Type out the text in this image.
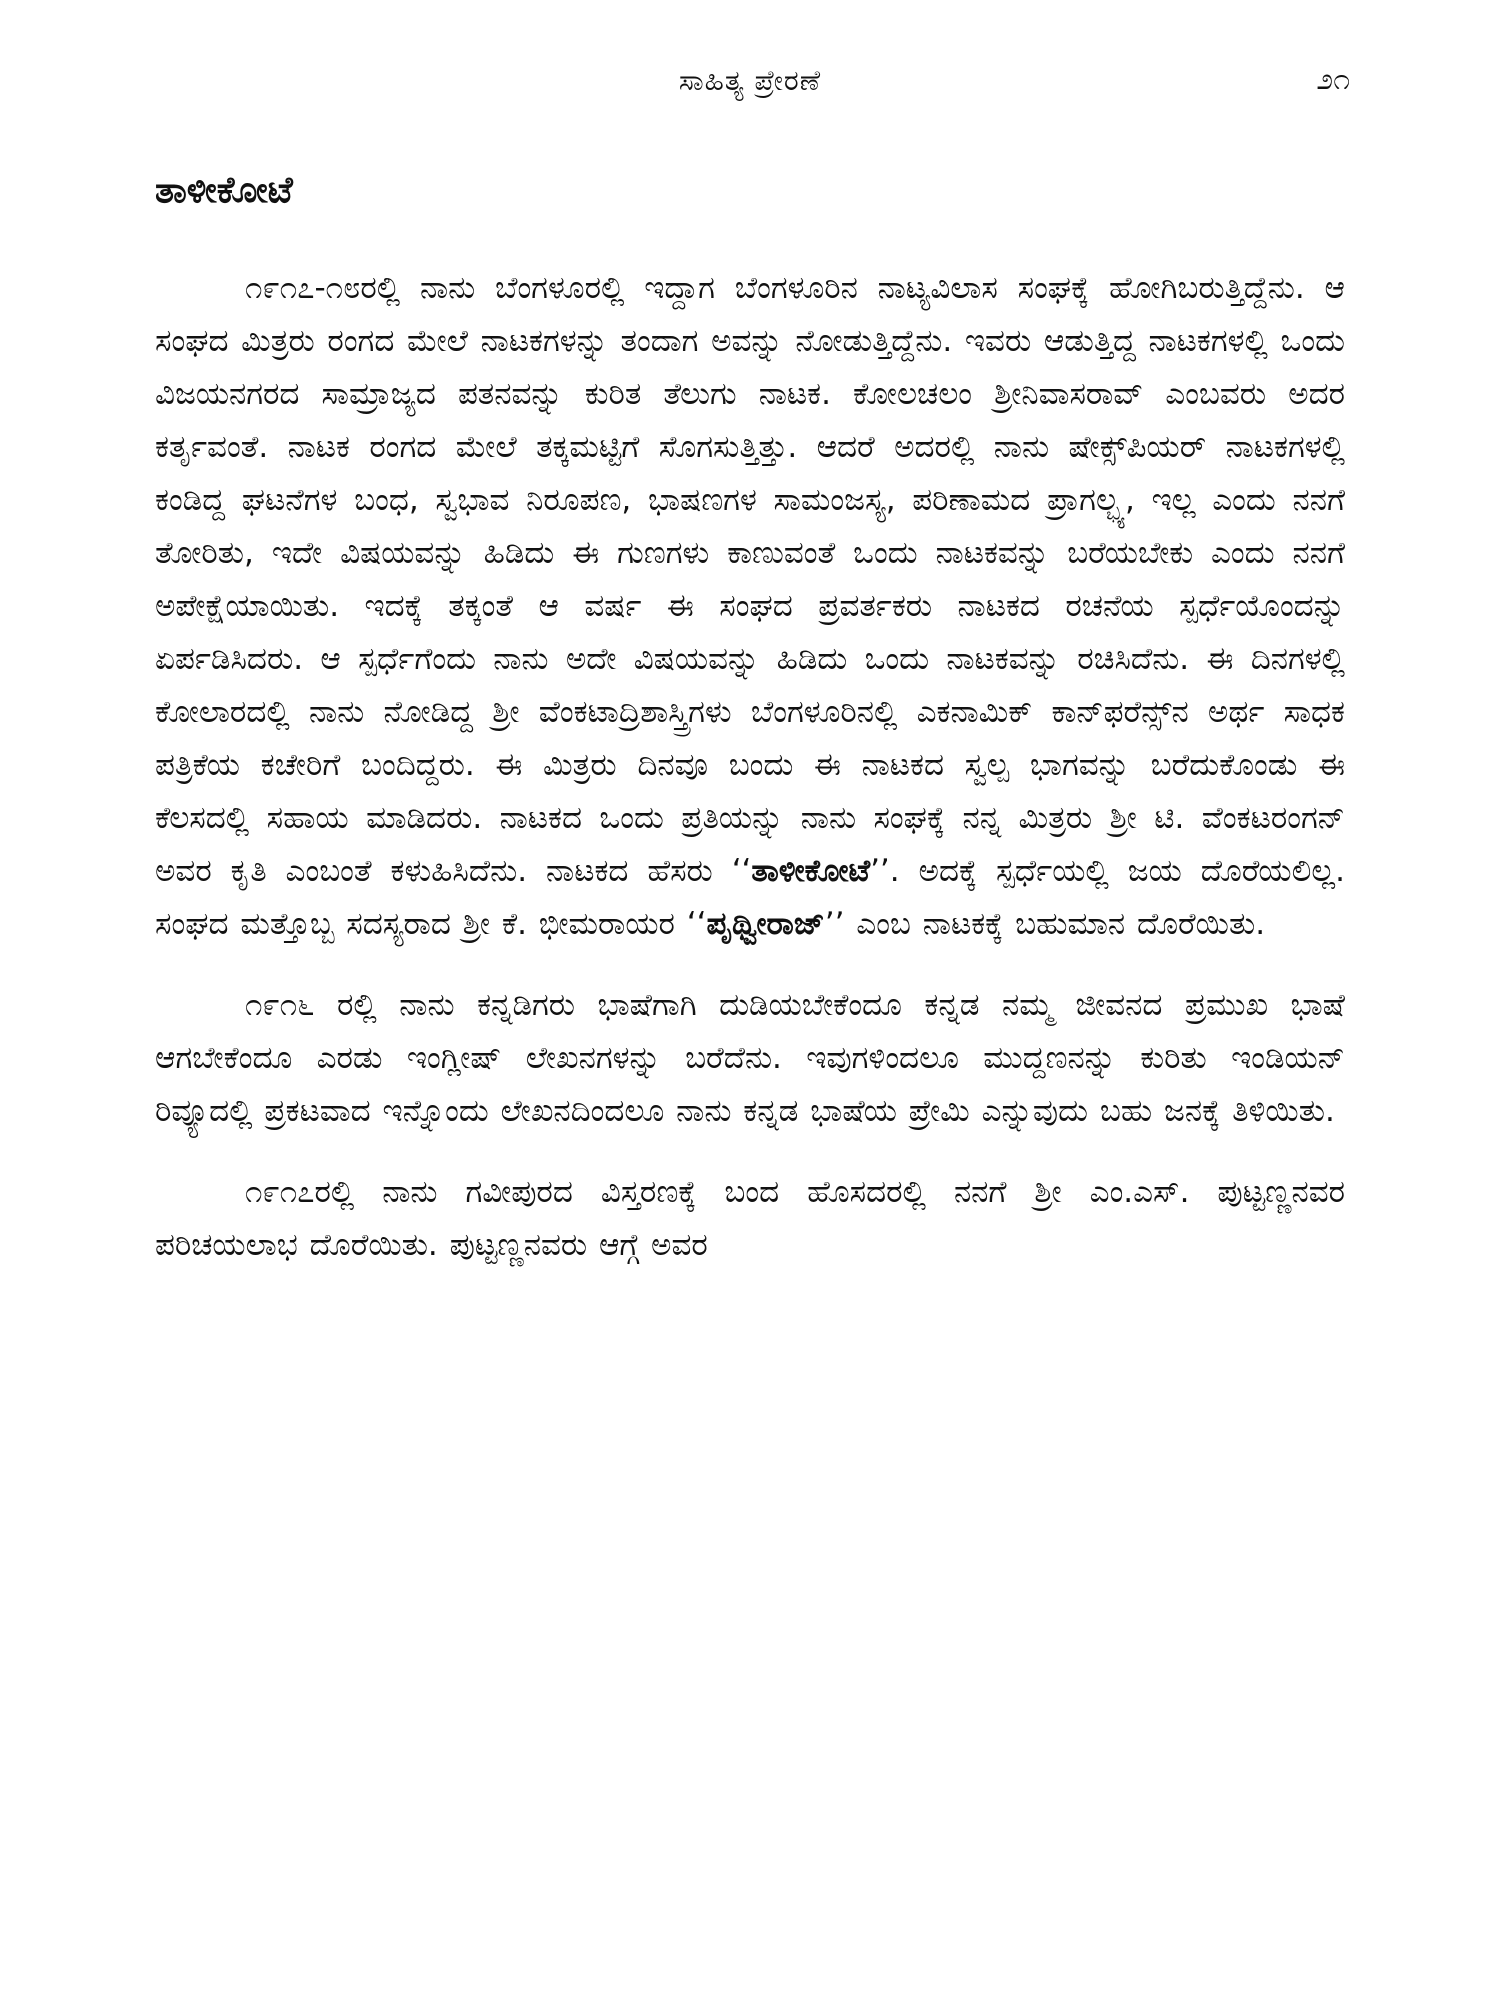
ಸಾಹಿತ್ಯ ಪ್ರೇರಣೆ	೨೧
ತಾಳೀಕೋಟೆ

೧೯೧೭-೧೮ರಲ್ಲಿ ನಾನು ಬೆಂಗಳೂರಲ್ಲಿ ಇದ್ದಾಗ ಬೆಂಗಳೂರಿನ ನಾಟ್ಯವಿಲಾಸ ಸಂಘಕ್ಕೆ ಹೋಗಿಬರುತ್ತಿದ್ದೆನು. ಆ ಸಂಘದ ಮಿತ್ರರು ರಂಗದ ಮೇಲೆ ನಾಟಕಗಳನ್ನು ತಂದಾಗ ಅವನ್ನು ನೋಡುತ್ತಿದ್ದೆನು. ಇವರು ಆಡುತ್ತಿದ್ದ ನಾಟಕಗಳಲ್ಲಿ ಒಂದು ವಿಜಯನಗರದ ಸಾಮ್ರಾಜ್ಯದ ಪತನವನ್ನು ಕುರಿತ ತೆಲುಗು ನಾಟಕ. ಕೋಲಚಲಂ ಶ್ರೀನಿವಾಸರಾವ್ ಎಂಬವರು ಅದರ ಕರ್ತೃವಂತೆ. ನಾಟಕ ರಂಗದ ಮೇಲೆ ತಕ್ಕಮಟ್ಟಿಗೆ ಸೊಗಸುತ್ತಿತ್ತು. ಆದರೆ ಅದರಲ್ಲಿ ನಾನು ಷೇಕ್ಸ್‌ಪಿಯರ್ ನಾಟಕಗಳಲ್ಲಿ ಕಂಡಿದ್ದ ಘಟನೆಗಳ ಬಂಧ, ಸ್ವಭಾವ ನಿರೂಪಣ, ಭಾಷಣಗಳ ಸಾಮಂಜಸ್ಯ, ಪರಿಣಾಮದ ಪ್ರಾಗಲ್ಭ್ಯ, ಇಲ್ಲ ಎಂದು ನನಗೆ ತೋರಿತು, ಇದೇ ವಿಷಯವನ್ನು ಹಿಡಿದು ಈ ಗುಣಗಳು ಕಾಣುವಂತೆ ಒಂದು ನಾಟಕವನ್ನು ಬರೆಯಬೇಕು ಎಂದು ನನಗೆ ಅಪೇಕ್ಷೆಯಾಯಿತು. ಇದಕ್ಕೆ ತಕ್ಕಂತೆ ಆ ವರ್ಷ ಈ ಸಂಘದ ಪ್ರವರ್ತಕರು ನಾಟಕದ ರಚನೆಯ ಸ್ಪರ್ಧೆಯೊಂದನ್ನು ಏರ್ಪಡಿಸಿದರು. ಆ ಸ್ಪರ್ಧೆಗೆಂದು ನಾನು ಅದೇ ವಿಷಯವನ್ನು ಹಿಡಿದು ಒಂದು ನಾಟಕವನ್ನು ರಚಿಸಿದೆನು. ಈ ದಿನಗಳಲ್ಲಿ ಕೋಲಾರದಲ್ಲಿ ನಾನು ನೋಡಿದ್ದ ಶ್ರೀ ವೆಂಕಟಾದ್ರಿಶಾಸ್ತ್ರಿಗಳು ಬೆಂಗಳೂರಿನಲ್ಲಿ ಎಕನಾಮಿಕ್ ಕಾನ್‌ಫರೆನ್ಸ್‌ನ ಅರ್ಥ ಸಾಧಕ ಪತ್ರಿಕೆಯ ಕಚೇರಿಗೆ ಬಂದಿದ್ದರು. ಈ ಮಿತ್ರರು ದಿನವೂ ಬಂದು ಈ ನಾಟಕದ ಸ್ವಲ್ಪ ಭಾಗವನ್ನು ಬರೆದುಕೊಂಡು ಈ ಕೆಲಸದಲ್ಲಿ ಸಹಾಯ ಮಾಡಿದರು. ನಾಟಕದ ಒಂದು ಪ್ರತಿಯನ್ನು ನಾನು ಸಂಘಕ್ಕೆ ನನ್ನ ಮಿತ್ರರು ಶ್ರೀ ಟಿ. ವೆಂಕಟರಂಗನ್ ಅವರ ಕೃತಿ ಎಂಬಂತೆ ಕಳುಹಿಸಿದೆನು. ನಾಟಕದ ಹೆಸರು ‘‘ತಾಳೀಕೋಟೆ’’. ಅದಕ್ಕೆ ಸ್ಪರ್ಧೆಯಲ್ಲಿ ಜಯ ದೊರೆಯಲಿಲ್ಲ. ಸಂಘದ ಮತ್ತೊಬ್ಬ ಸದಸ್ಯರಾದ ಶ್ರೀ ಕೆ. ಭೀಮರಾಯರ ‘‘ಪೃಥ್ವೀರಾಜ್’’ ಎಂಬ ನಾಟಕಕ್ಕೆ ಬಹುಮಾನ ದೊರೆಯಿತು.

೧೯೧೬ ರಲ್ಲಿ ನಾನು ಕನ್ನಡಿಗರು ಭಾಷೆಗಾಗಿ ದುಡಿಯಬೇಕೆಂದೂ ಕನ್ನಡ ನಮ್ಮ ಜೀವನದ ಪ್ರಮುಖ ಭಾಷೆ ಆಗಬೇಕೆಂದೂ ಎರಡು ಇಂಗ್ಲೀಷ್ ಲೇಖನಗಳನ್ನು ಬರೆದೆನು. ಇವುಗಳಿಂದಲೂ ಮುದ್ದಣನನ್ನು ಕುರಿತು ಇಂಡಿಯನ್ ರಿವ್ಯೂದಲ್ಲಿ ಪ್ರಕಟವಾದ ಇನ್ನೊಂದು ಲೇಖನದಿಂದಲೂ ನಾನು ಕನ್ನಡ ಭಾಷೆಯ ಪ್ರೇಮಿ ಎನ್ನುವುದು ಬಹು ಜನಕ್ಕೆ ತಿಳಿಯಿತು.

೧೯೧೭ರಲ್ಲಿ ನಾನು ಗವೀಪುರದ ವಿಸ್ತರಣಕ್ಕೆ ಬಂದ ಹೊಸದರಲ್ಲಿ ನನಗೆ ಶ್ರೀ ಎಂ.ಎಸ್. ಪುಟ್ಟಣ್ಣನವರ ಪರಿಚಯಲಾಭ ದೊರೆಯಿತು. ಪುಟ್ಟಣ್ಣನವರು ಆಗ್ಗೆ ಅವರ
